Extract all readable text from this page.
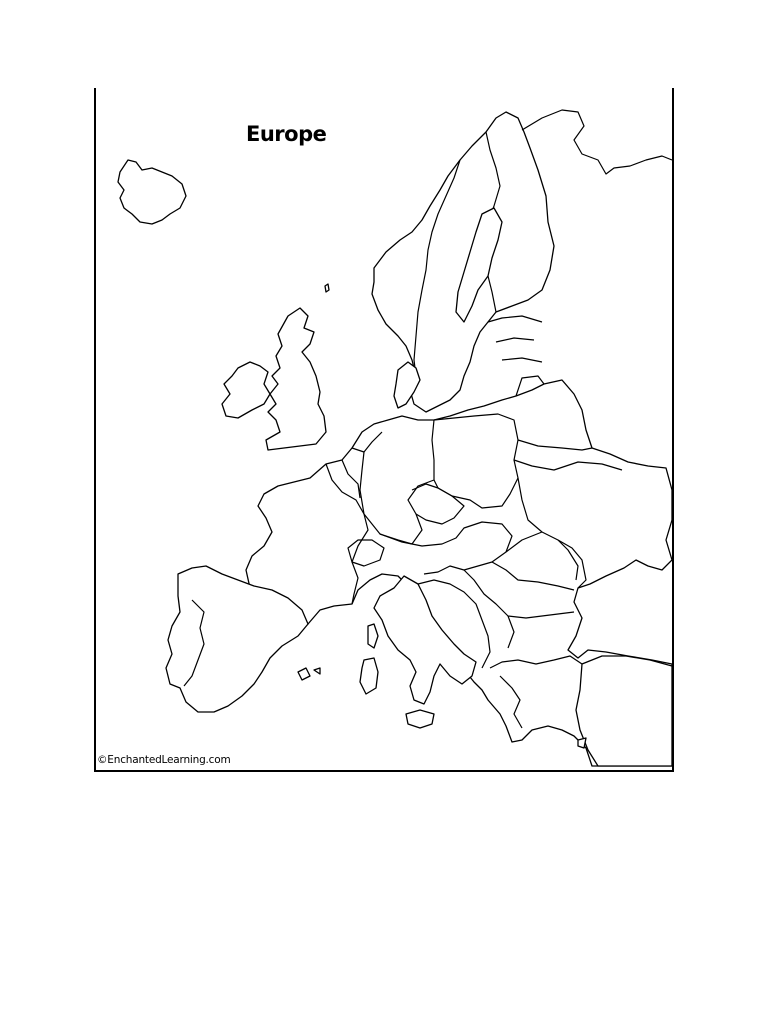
Europe
©EnchantedLearning.com
